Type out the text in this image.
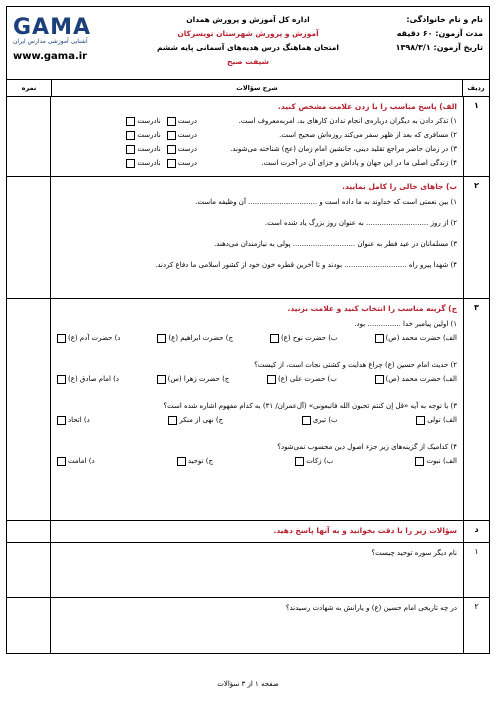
نام و نام خانوادگی:
مدت آزمون: ۶۰ دقیقه
تاریخ آزمون: ۱۳۹۸/۳/۱
اداره کل آموزش و پرورش همدان
آموزش و پرورش شهرستان تویسرکان
امتحان هماهنگ درس هدیه‌های آسمانی پایه ششم
شیفت صبح
GAMA
آشنایی آموزشی مدارس ایران
www.gama.ir
ردیف
شرح سؤالات
نمره
۱
الف) پاسخ مناسب را با زدن علامت مشخص کنید.
۱) تذکر دادن به دیگران درباره‌ی انجام ندادن کارهای بد، امربه‌معروف است.
درست
نادرست
۲) مسافری که بعد از ظهر سفر می‌کند روزه‌اش صحیح است.
درست
نادرست
۳) در زمان حاضر مراجع تقلید دینی، جانشین امام زمان (عج) شناخته می‌شوند.
درست
نادرست
۴) زندگی اصلی ما در این جهان و پاداش و جزای آن در آخرت است.
درست
نادرست
۲
ب) جاهای خالی را کامل نمایید.
۱) بین نعمتی است که خداوند به ما داده است و ............................... آن وظیفه ماست.
۲) از روز ............................ به عنوان روز بزرگ یاد شده است.
۳) مسلمانان در عید فطر به عنوان ............................ پولی به نیازمندان می‌دهند.
۴) شهدا پیرو راه ............................ بودند و تا آخرین قطره خون خود از کشور اسلامی ما دفاع کردند.
۳
ج) گزینه مناسب را انتخاب کنید و علامت بزنید.
۱) اولین پیامبر خدا ............... بود.
الف) حضرت محمد (ص)
ب) حضرت نوح (ع)
ج) حضرت ابراهیم (ع)
د) حضرت آدم (ع)
۲) حدیث امام حسین (ع) چراغ هدایت و کشتی نجات است، از کیست؟
الف) حضرت محمد (ص)
ب) حضرت علی (ع)
ج) حضرت زهرا (س)
د) امام صادق (ع)
۳) با توجه به آیه «قل إن کنتم تحبون الله فاتبعونی» (آل‌عمران/ ۳۱) به کدام مفهوم اشاره شده است؟
الف) تولی
ب) تبری
ج) نهی از منکر
د) اتحاد
۴) کدامیک از گزینه‌های زیر جزء اصول دین محسوب نمی‌شود؟
الف) نبوت
ب) زکات
ج) توحید
د) امامت
د
سؤالات زیر را با دقت بخوانید و به آنها پاسخ دهید.
۱
نام دیگر سوره توحید چیست؟
۲
در چه تاریخی امام حسین (ع) و یارانش به شهادت رسیدند؟
صفحه ۱ از ۳ سؤالات
